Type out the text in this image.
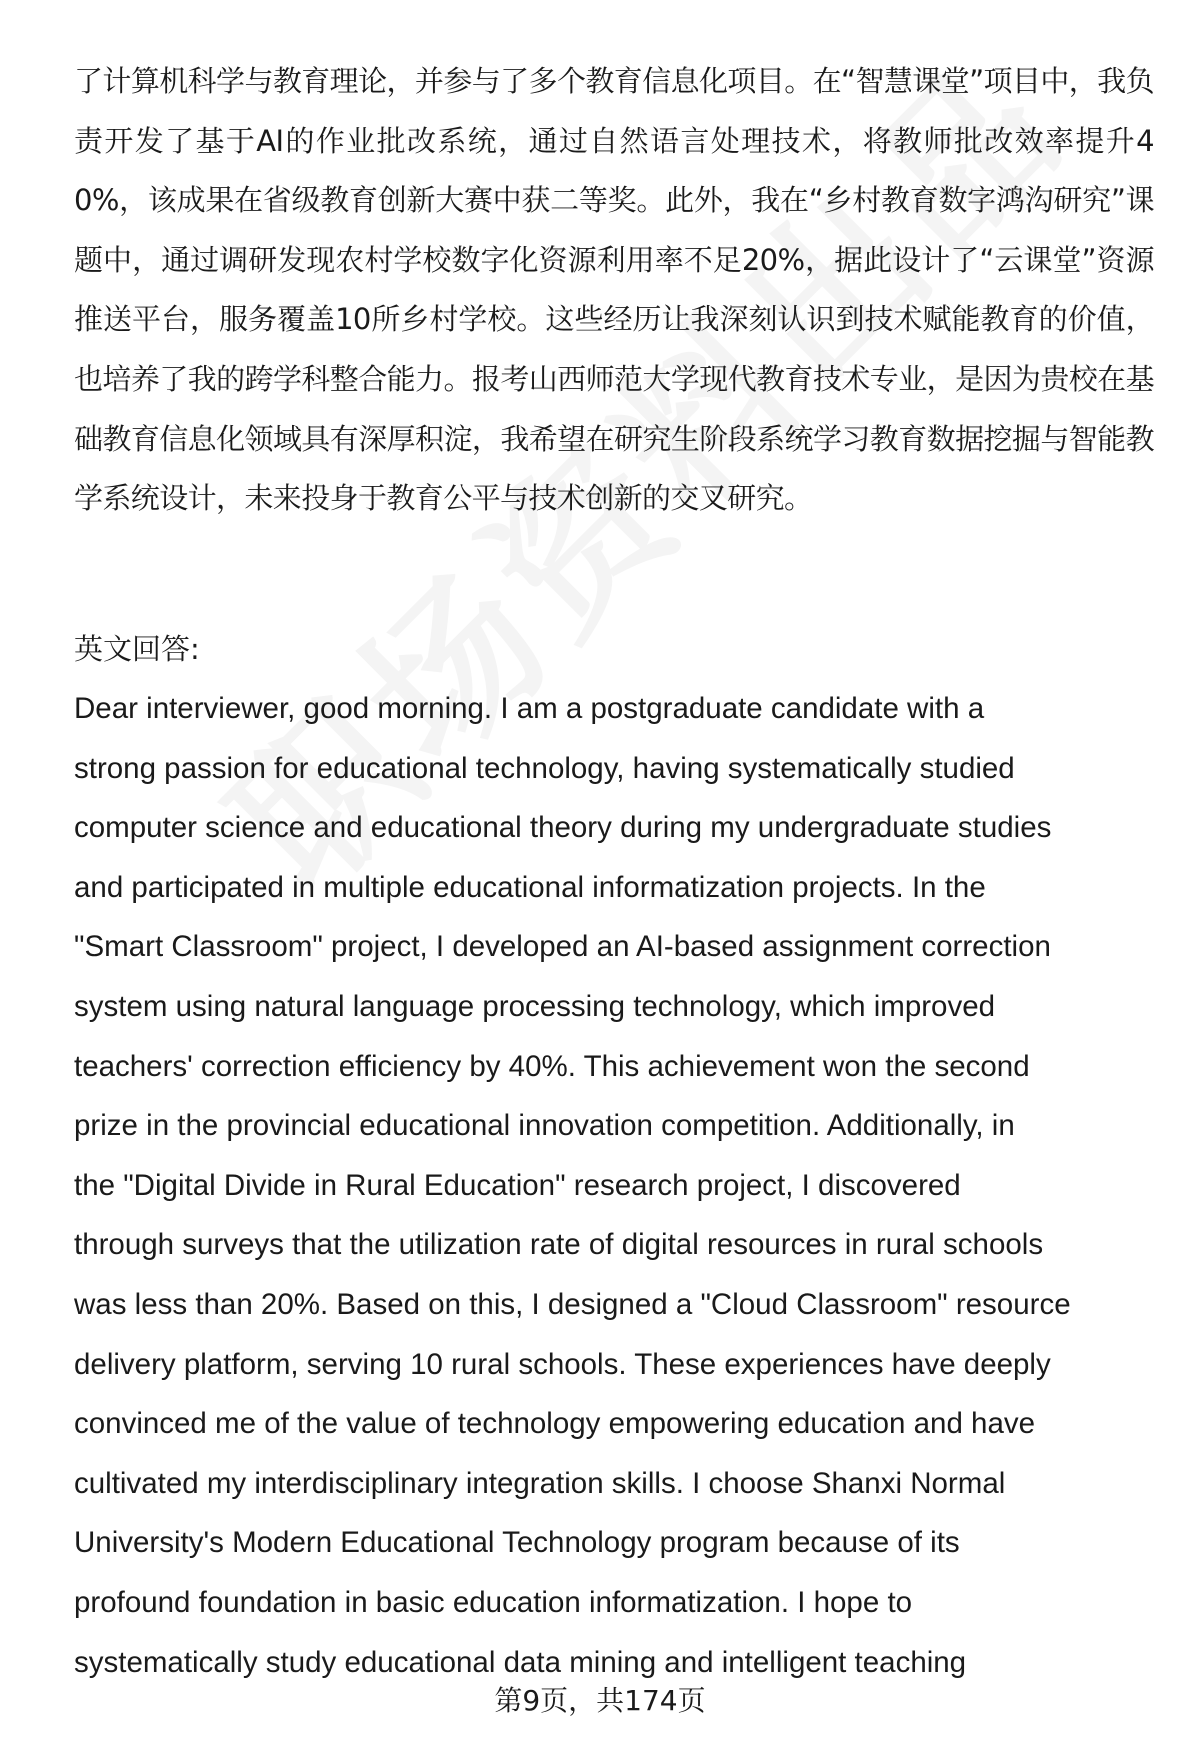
了计算机科学与教育理论，并参与了多个教育信息化项目。在“智慧课堂”项目中，我负责开发了基于AI的作业批改系统，通过自然语言处理技术，将教师批改效率提升40%，该成果在省级教育创新大赛中获二等奖。此外，我在“乡村教育数字鸿沟研究”课题中，通过调研发现农村学校数字化资源利用率不足20%，据此设计了“云课堂”资源推送平台，服务覆盖10所乡村学校。这些经历让我深刻认识到技术赋能教育的价值，也培养了我的跨学科整合能力。报考山西师范大学现代教育技术专业，是因为贵校在基础教育信息化领域具有深厚积淀，我希望在研究生阶段系统学习教育数据挖掘与智能教学系统设计，未来投身于教育公平与技术创新的交叉研究。

英文回答:

Dear interviewer, good morning. I am a postgraduate candidate with a
strong passion for educational technology, having systematically studied
computer science and educational theory during my undergraduate studies
and participated in multiple educational informatization projects. In the
"Smart Classroom" project, I developed an AI-based assignment correction
system using natural language processing technology, which improved
teachers' correction efficiency by 40%. This achievement won the second
prize in the provincial educational innovation competition. Additionally, in
the "Digital Divide in Rural Education" research project, I discovered
through surveys that the utilization rate of digital resources in rural schools
was less than 20%. Based on this, I designed a "Cloud Classroom" resource
delivery platform, serving 10 rural schools. These experiences have deeply
convinced me of the value of technology empowering education and have
cultivated my interdisciplinary integration skills. I choose Shanxi Normal
University's Modern Educational Technology program because of its
profound foundation in basic education informatization. I hope to
systematically study educational data mining and intelligent teaching

第9页，共174页
